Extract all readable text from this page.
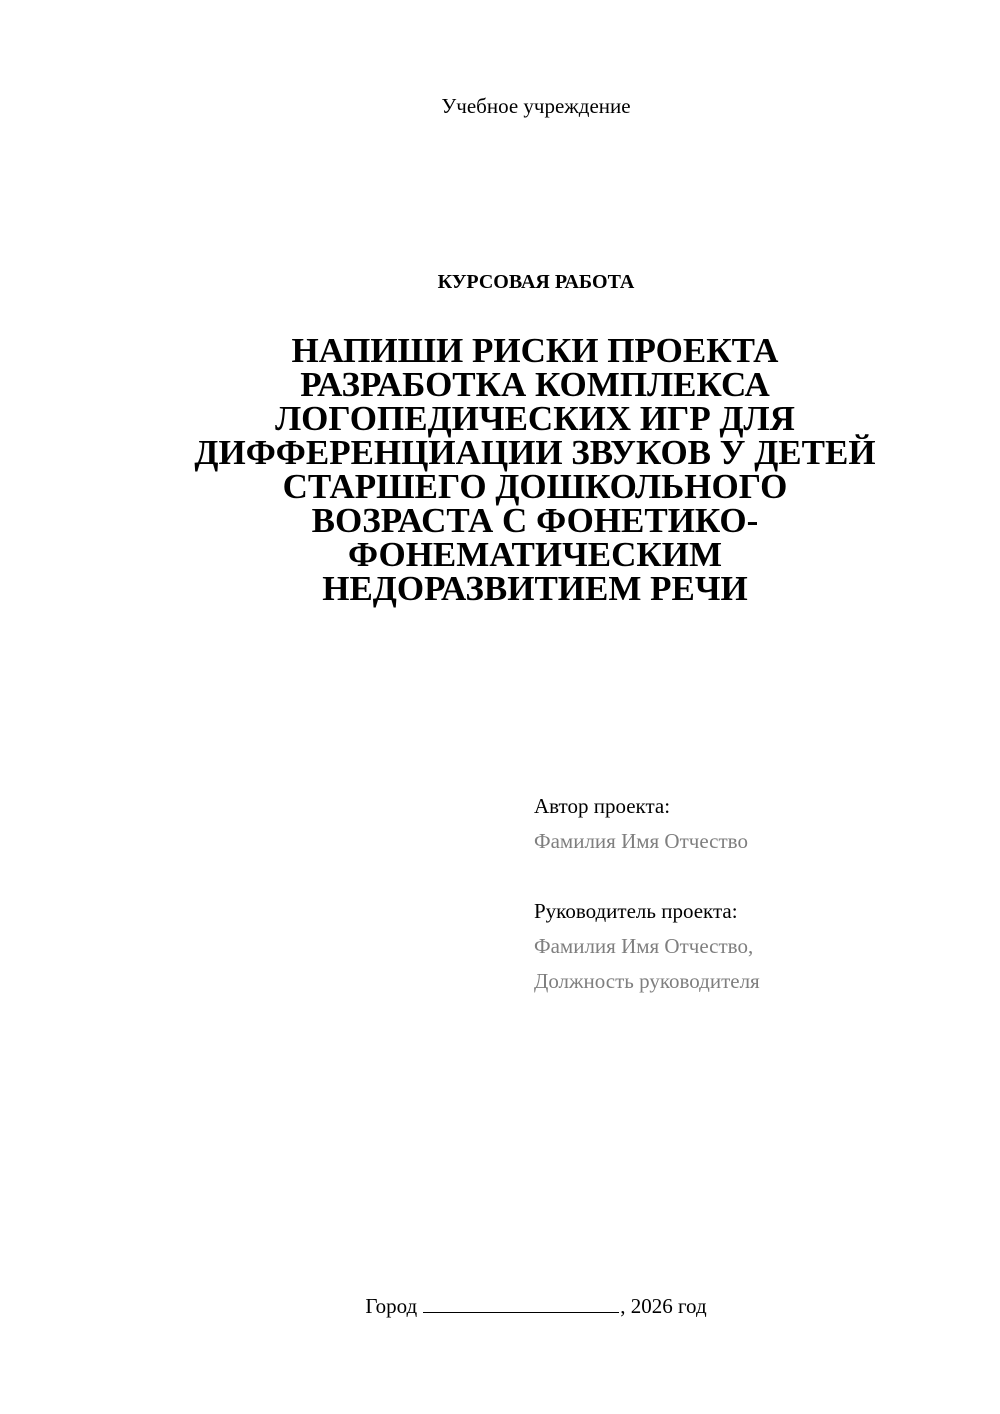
Учебное учреждение
КУРСОВАЯ РАБОТА
НАПИШИ РИСКИ ПРОЕКТА
РАЗРАБОТКА КОМПЛЕКСА
ЛОГОПЕДИЧЕСКИХ ИГР ДЛЯ
ДИФФЕРЕНЦИАЦИИ ЗВУКОВ У ДЕТЕЙ
СТАРШЕГО ДОШКОЛЬНОГО
ВОЗРАСТА С ФОНЕТИКО-
ФОНЕМАТИЧЕСКИМ
НЕДОРАЗВИТИЕМ РЕЧИ
Автор проекта:
Фамилия Имя Отчество
Руководитель проекта:
Фамилия Имя Отчество,
Должность руководителя
Город	, 2026 год
